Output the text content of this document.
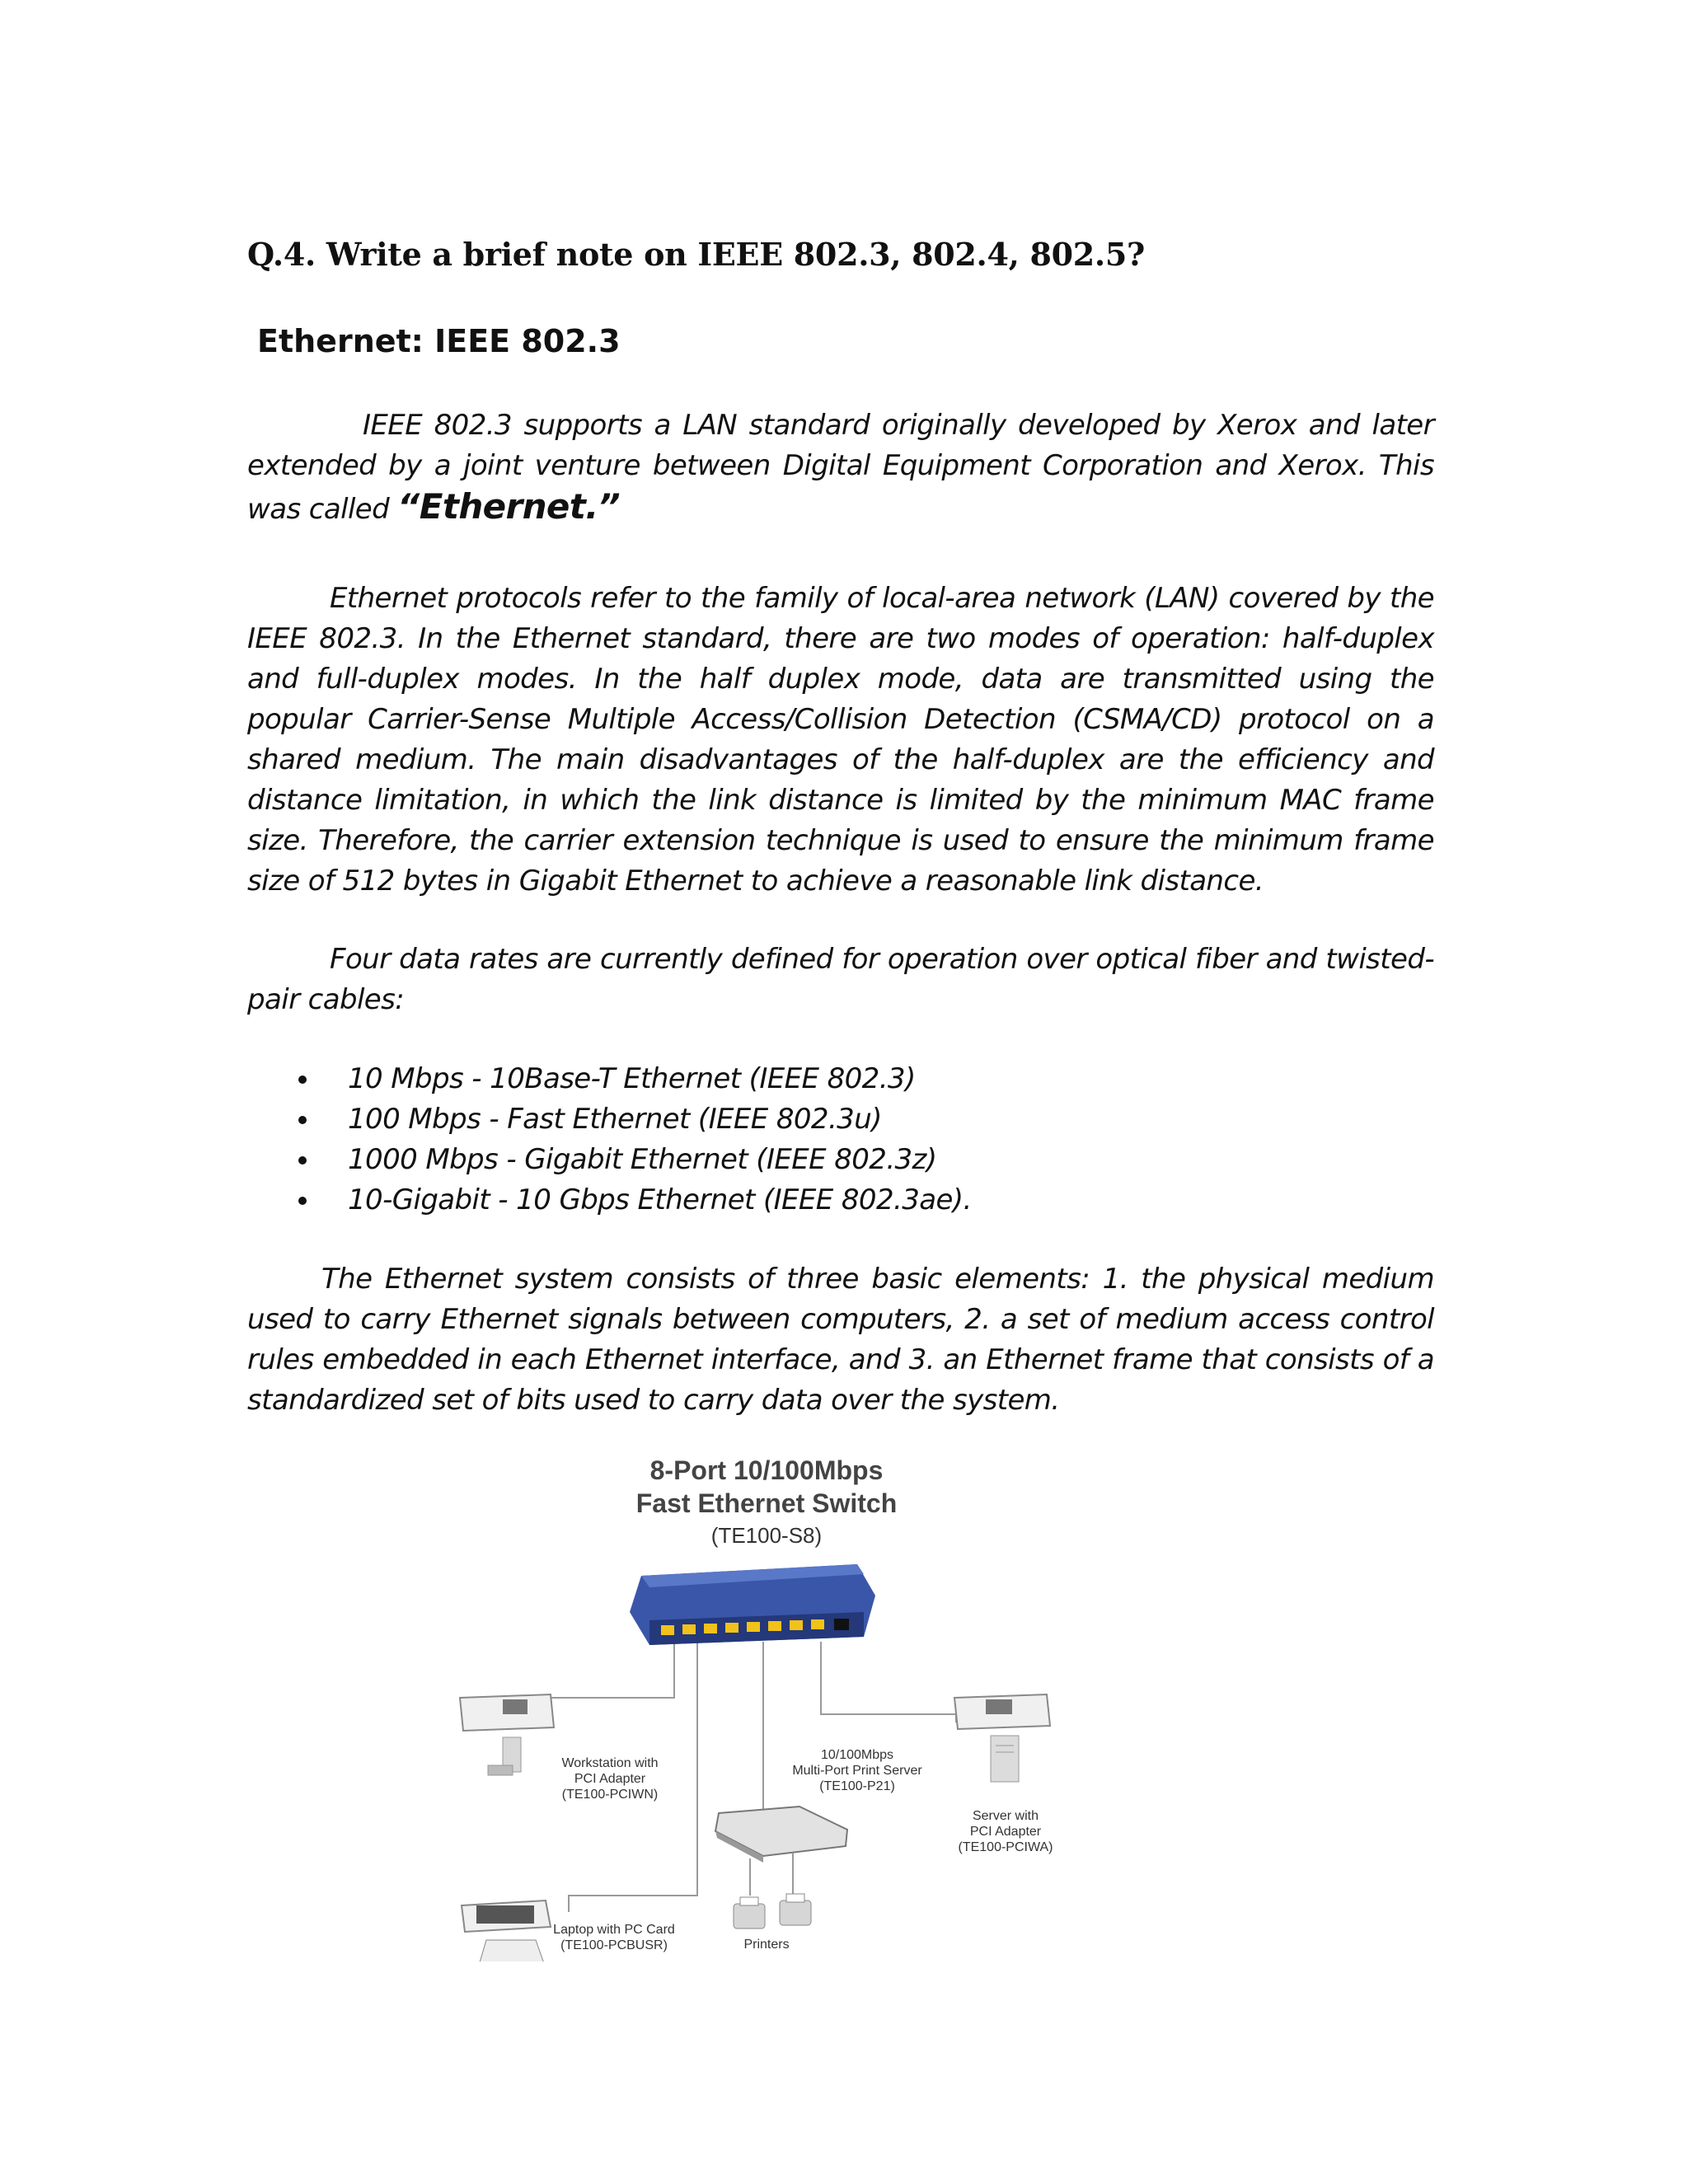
Q.4. Write a brief note on IEEE 802.3, 802.4, 802.5?
Ethernet: IEEE 802.3

IEEE 802.3 supports a LAN standard originally developed by Xerox and later extended by a joint venture between Digital Equipment Corporation and Xerox. This was called “Ethernet.”

Ethernet protocols refer to the family of local-area network (LAN) covered by the IEEE 802.3. In the Ethernet standard, there are two modes of operation: half-duplex and full-duplex modes. In the half duplex mode, data are transmitted using the popular Carrier-Sense Multiple Access/Collision Detection (CSMA/CD) protocol on a shared medium. The main disadvantages of the half-duplex are the efficiency and distance limitation, in which the link distance is limited by the minimum MAC frame size. Therefore, the carrier extension technique is used to ensure the minimum frame size of 512 bytes in Gigabit Ethernet to achieve a reasonable link distance.

Four data rates are currently defined for operation over optical fiber and twisted-pair cables:

10 Mbps - 10Base-T Ethernet (IEEE 802.3)
100 Mbps - Fast Ethernet (IEEE 802.3u)
1000 Mbps - Gigabit Ethernet (IEEE 802.3z)
10-Gigabit - 10 Gbps Ethernet (IEEE 802.3ae).

The Ethernet system consists of three basic elements: 1. the physical medium used to carry Ethernet signals between computers, 2. a set of medium access control rules embedded in each Ethernet interface, and 3. an Ethernet frame that consists of a standardized set of bits used to carry data over the system.

8-Port 10/100Mbps
Fast Ethernet Switch
(TE100-S8)
Workstation with
PCI Adapter
(TE100-PCIWN)
10/100Mbps
Multi-Port Print Server
(TE100-P21)
Server with
PCI Adapter
(TE100-PCIWA)
Laptop with PC Card
(TE100-PCBUSR)	Printers
